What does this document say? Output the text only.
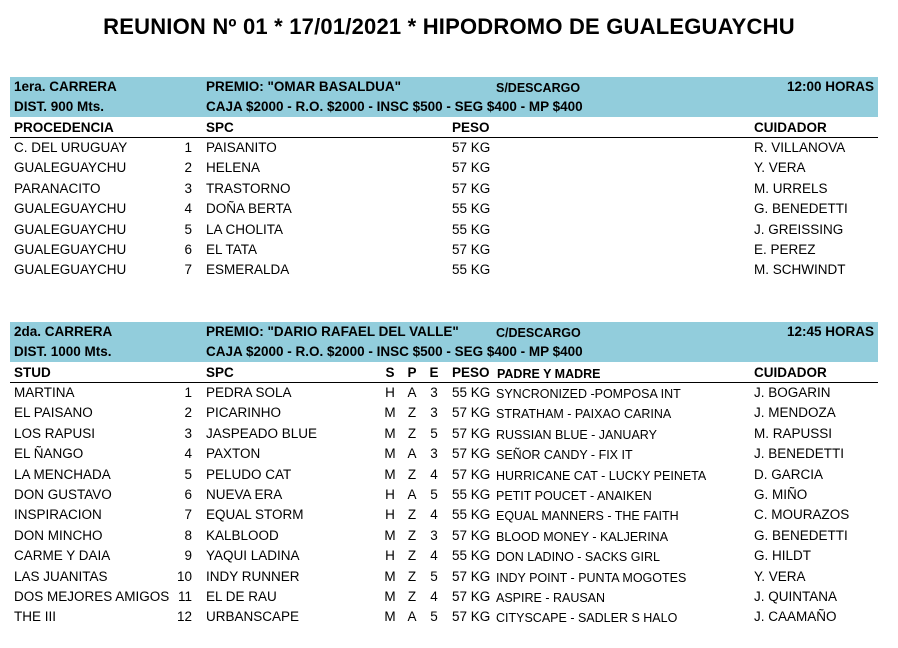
REUNION Nº 01 * 17/01/2021 * HIPODROMO DE GUALEGUAYCHU
1era. CARRERA	PREMIO: "OMAR BASALDUA"	S/DESCARGO	12:00 HORAS
DIST. 900 Mts.	CAJA $2000 - R.O. $2000 - INSC $500 - SEG $400 - MP $400
PROCEDENCIA	SPC	PESO	CUIDADOR
C. DEL URUGUAY	1 PAISANITO	57 KG	R. VILLANOVA
GUALEGUAYCHU	2 HELENA	57 KG	Y. VERA
PARANACITO	3 TRASTORNO	57 KG	M. URRELS
GUALEGUAYCHU	4 DOÑA BERTA	55 KG	G. BENEDETTI
GUALEGUAYCHU	5 LA CHOLITA	55 KG	J. GREISSING
GUALEGUAYCHU	6 EL TATA	57 KG	E. PEREZ
GUALEGUAYCHU	7 ESMERALDA	55 KG	M. SCHWINDT
2da. CARRERA	PREMIO: "DARIO RAFAEL DEL VALLE"	C/DESCARGO	12:45 HORAS
DIST. 1000 Mts.	CAJA $2000 - R.O. $2000 - INSC $500 - SEG $400 - MP $400
STUD	SPC	S P E PESO PADRE Y MADRE	CUIDADOR
MARTINA	1 PEDRA SOLA	H A 3 55 KG SYNCRONIZED -POMPOSA INT	J. BOGARIN
EL PAISANO	2 PICARINHO	M Z 3 57 KG STRATHAM - PAIXAO CARINA	J. MENDOZA
LOS RAPUSI	3 JASPEADO BLUE	M Z 5 57 KG RUSSIAN BLUE - JANUARY	M. RAPUSSI
EL ÑANGO	4 PAXTON	M A 3 57 KG SEÑOR CANDY - FIX IT	J. BENEDETTI
LA MENCHADA	5 PELUDO CAT	M Z 4 57 KG HURRICANE CAT - LUCKY PEINETA	D. GARCIA
DON GUSTAVO	6 NUEVA ERA	H A 5 55 KG PETIT POUCET - ANAIKEN	G. MIÑO
INSPIRACION	7 EQUAL STORM	H Z 4 55 KG EQUAL MANNERS - THE FAITH	C. MOURAZOS
DON MINCHO	8 KALBLOOD	M Z 3 57 KG BLOOD MONEY - KALJERINA	G. BENEDETTI
CARME Y DAIA	9 YAQUI LADINA	H Z 4 55 KG DON LADINO - SACKS GIRL	G. HILDT
LAS JUANITAS	10 INDY RUNNER	M Z 5 57 KG INDY POINT - PUNTA MOGOTES	Y. VERA
DOS MEJORES AMIGOS 11 EL DE RAU	M Z 4 57 KG ASPIRE - RAUSAN	J. QUINTANA
THE III	12 URBANSCAPE	M A 5 57 KG CITYSCAPE - SADLER S HALO	J. CAAMAÑO
